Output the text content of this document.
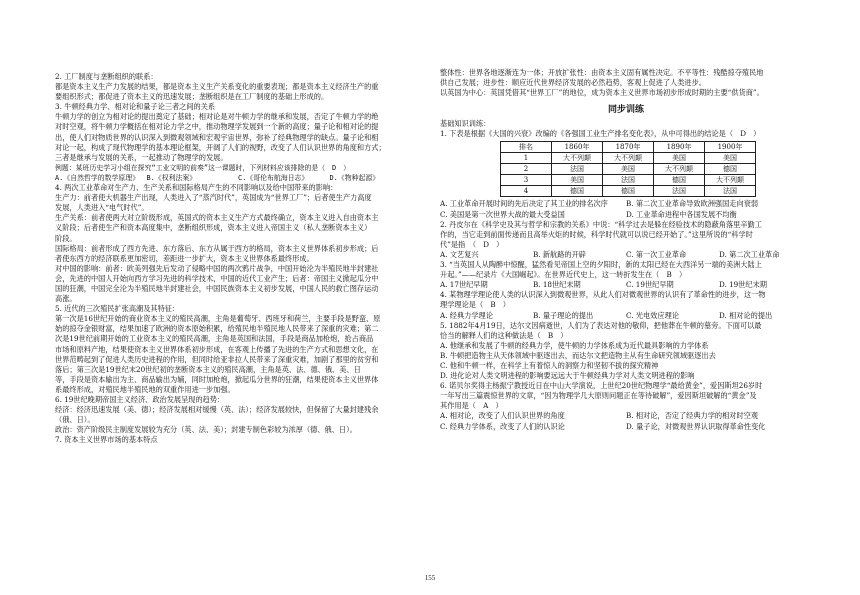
2. 工厂制度与垄断组织的联系：

都是资本主义生产力发展的结果，都是资本主义生产关系变化的重要表现；都是资本主义经济生产的重

要组织形式；都促进了资本主义的迅速发展；垄断组织是在工厂制度的基础上形成的。

3. 牛顿经典力学、相对论和量子论三者之间的关系

牛顿力学的创立为相对论的提出奠定了基础；相对论是对牛顿力学的继承和发展，否定了牛顿力学的绝

对时空观，将牛顿力学概括在相对论力学之中，推动物理学发展到一个新的高度；量子论和相对论的提

出，使人们对物质世界的认识深入到微观领域和宏观宇宙世界，弥补了经典物理学的缺点。量子论和相

对论一起，构成了现代物理学的基本理论框架，开阔了人们的视野，改变了人们认识世界的角度和方式；

三者是继承与发展的关系，一起推动了物理学的发展。

例题：某班历史学习小组在探究“工业文明的前奏”这一课题时，下列材料应该排除的是（　D　）

A.《自然哲学的数学原理》	B.《权利法案》	C.《哥伦布航海日志》	D.《物种起源》

4. 两次工业革命对生产力、生产关系和国际格局产生的不同影响以及给中国带来的影响：

生产力：前者使大机器生产出现，人类进入了“蒸汽时代”，英国成为“世界工厂”；后者使生产力高度

发展，人类进入“电气时代”。

生产关系：前者使两大对立阶级形成，英国式的资本主义生产方式最终确立，资本主义进入自由资本主

义阶段；后者使生产和资本高度集中，垄断组织形成，资本主义进入帝国主义（私人垄断资本主义）

阶段。

国际格局：前者形成了西方先进、东方落后、东方从属于西方的格局，资本主义世界体系初步形成；后

者使东西方的经济联系更加密切，差距进一步扩大，资本主义世界体系最终形成。

对中国的影响：前者：欧美列强先后发动了侵略中国的两次鸦片战争，中国开始沦为半殖民地半封建社

会，先进的中国人开始向西方学习先进的科学技术，中国的近代工业产生；后者：帝国主义掀起瓜分中

国的狂潮，中国完全沦为半殖民地半封建社会，中国民族资本主义初步发展，中国人民的救亡图存运动

高涨。

5. 近代的三次殖民扩张高潮及其特征：

第一次是16世纪开始的商业资本主义的殖民高潮，主角是葡萄牙、西班牙和荷兰，主要手段是野蛮、原

始的掠夺金银财富，结果加速了欧洲的资本原始积累，给殖民地半殖民地人民带来了深重的灾难；第二

次是19世纪前期开始的工业资本主义的殖民高潮，主角是英国和法国，手段是商品加枪炮，抢占商品

市场和原料产地，结果使资本主义世界体系初步形成，在客观上传播了先进的生产方式和思想文化，在

世界范畴起到了促进人类历史进程的作用，但同时给亚非拉人民带来了深重灾难，加剧了那里的贫穷和

落后；第三次是19世纪末20世纪初的垄断资本主义的殖民高潮，主角是英、法、德、俄、美、日

等，手段是资本输出为主、商品输出为辅，同时加枪炮，掀起瓜分世界的狂潮，结果使资本主义世界体

系最终形成，对殖民地半殖民地的双重作用进一步加强。

6. 19世纪晚期帝国主义经济、政治发展呈现的趋势：

经济：经济迅速发展（美、德）；经济发展相对缓慢（英、法）；经济发展较快，但保留了大量封建残余

（俄、日）。

政治：资产阶级民主制度发展较为充分（英、法、美）；封建专制色彩较为浓厚（德、俄、日）。

7. 资本主义世界市场的基本特点

整体性：世界各地逐渐连为一体；开放扩张性：由资本主义固有属性决定。不平等性：残酷掠夺殖民地

供自己发展；进步性：顺应近代世界经济发展的必然趋势，客观上促进了人类进步。

以英国为中心：英国凭借其“世界工厂”的地位，成为资本主义世界市场初步形成时期的主要“供货商”。

同步训练

基础知识训练：

1. 下表是根据《大国的兴衰》改编的《各强国工业生产排名变化表》，从中可得出的结论是（　D　）

排名	1860年	1870年	1890年	1900年
1	大不列颠	大不列颠	美国	美国
2	法国	美国	大不列颠	德国
3	美国	法国	德国	大不列颠
4	德国	德国	法国	法国
A. 工业革命开展时间的先后决定了其工业的排名次序	B. 第二次工业革命导致欧洲强国走向衰弱
C. 美国是第一次世界大战的最大受益国	D. 工业革命进程中各国发展不均衡

2. 丹皮尔在《科学史及其与哲学和宗教的关系》中说：“科学过去是躲在经验技术的隐蔽角落里辛勤工

作的，当它走到前面传递而且高举火炬的时候，科学时代就可以说已经开始了。”这里所说的“科学时

代”是指　（　D　）

A. 文艺复兴	B. 新航路的开辟	C. 第一次工业革命	D. 第二次工业革命

3. “当英国人从陶醉中惊醒，猛然看见帝国上空的夕阳时，新的太阳已经在大西洋另一端的美洲大陆上

升起。”——纪录片《大国崛起》。在世界近代史上，这一转折发生在（　B　）

A. 17世纪早期	B. 18世纪末期	C. 19世纪早期	D. 19世纪末期

4. 某物理学理论使人类的认识深入到微观世界，从此人们对微观世界的认识有了革命性的进步，这一物

理学理论是（　B　）

A. 经典力学理论	B. 量子理论的提出	C. 光电效应理论	D. 相对论的提出

5. 1882年4月19日，达尔文因病逝世，人们为了表达对他的敬仰，把他葬在牛顿的墓旁。下面可以最

恰当的解释人们的这种做法是（　B　）

A. 他继承和发展了牛顿的经典力学，使牛顿的力学体系成为近代最具影响的力学体系
B. 牛顿把造物主从天体领域中驱逐出去，而达尔文把造物主从有生命研究领域驱逐出去
C. 他和牛顿一样，在科学上有着惊人的洞察力和坚韧不拔的探究精神
D. 进化论对人类文明进程的影响要远远大于牛顿经典力学对人类文明进程的影响

6. 诺贝尔奖得主杨振宁教授近日在中山大学演说，上世纪20世纪物理学“最给黄金”，爱因斯坦26岁时

一年写出三篇震惊世界的文章，“因为物理学几大原则问题正在等待破解”，爱因斯坦破解的“黄金”及

其作用是（　A　）

A. 相对论，改变了人们认识世界的角度	B. 相对论，否定了经典力学的相对时空观
C. 经典力学体系，改变了人们的认识论	D. 量子论，对微观世界认识取得革命性变化
155
